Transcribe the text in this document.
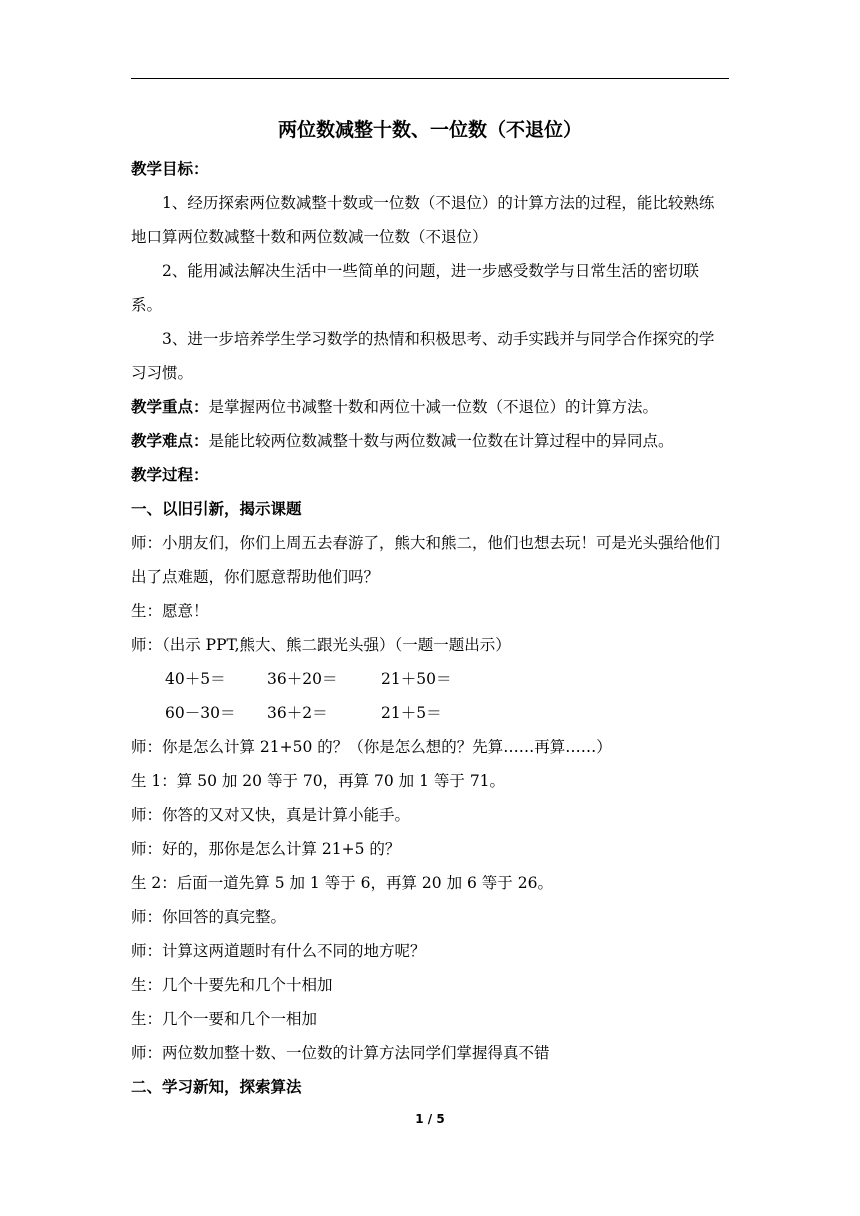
两位数减整十数、一位数（不退位）

教学目标：

1、经历探索两位数减整十数或一位数（不退位）的计算方法的过程，能比较熟练地口算两位数减整十数和两位数减一位数（不退位）

2、能用减法解决生活中一些简单的问题，进一步感受数学与日常生活的密切联系。

3、进一步培养学生学习数学的热情和积极思考、动手实践并与同学合作探究的学习习惯。

教学重点：是掌握两位书减整十数和两位十减一位数（不退位）的计算方法。

教学难点：是能比较两位数减整十数与两位数减一位数在计算过程中的异同点。

教学过程：

一、以旧引新，揭示课题

师：小朋友们，你们上周五去春游了，熊大和熊二，他们也想去玩！可是光头强给他们出了点难题，你们愿意帮助他们吗？

生：愿意！

师：（出示 PPT,熊大、熊二跟光头强）（一题一题出示）

40＋5＝	36＋20＝	21＋50＝
60－30＝	36＋2＝	21＋5＝

师：你是怎么计算 21+50 的？（你是怎么想的？先算……再算……）

生 1：算 50 加 20 等于 70，再算 70 加 1 等于 71。

师：你答的又对又快，真是计算小能手。

师：好的，那你是怎么计算 21+5 的？

生 2：后面一道先算 5 加 1 等于 6，再算 20 加 6 等于 26。

师：你回答的真完整。

师：计算这两道题时有什么不同的地方呢？

生：几个十要先和几个十相加

生：几个一要和几个一相加

师：两位数加整十数、一位数的计算方法同学们掌握得真不错

二、学习新知，探索算法

1 / 5
